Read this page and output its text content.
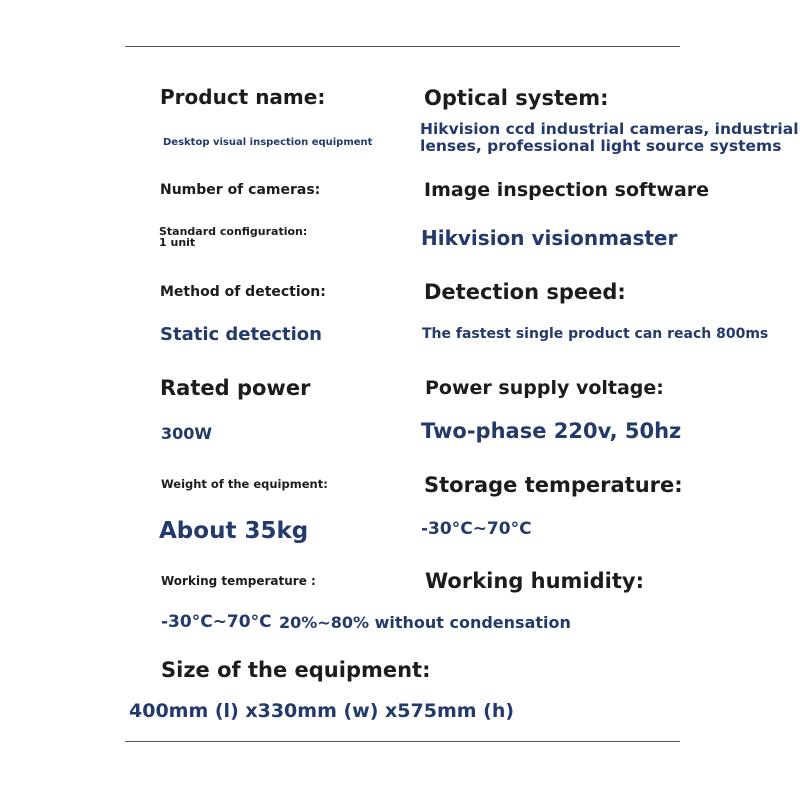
Product name:
Desktop visual inspection equipment
Optical system:
Hikvision ccd industrial cameras, industrial
lenses, professional light source systems
Number of cameras:
Standard configuration:
1 unit
Image inspection software
Hikvision visionmaster
Method of detection:
Static detection
Detection speed:
The fastest single product can reach 800ms
Rated power
300W
Power supply voltage:
Two-phase 220v, 50hz
Weight of the equipment:
About 35kg
Storage temperature:
-30°C~70°C
Working temperature :
-30°C~70°C
Working humidity:
20%~80% without condensation
Size of the equipment:
400mm (l) x330mm (w) x575mm (h)
